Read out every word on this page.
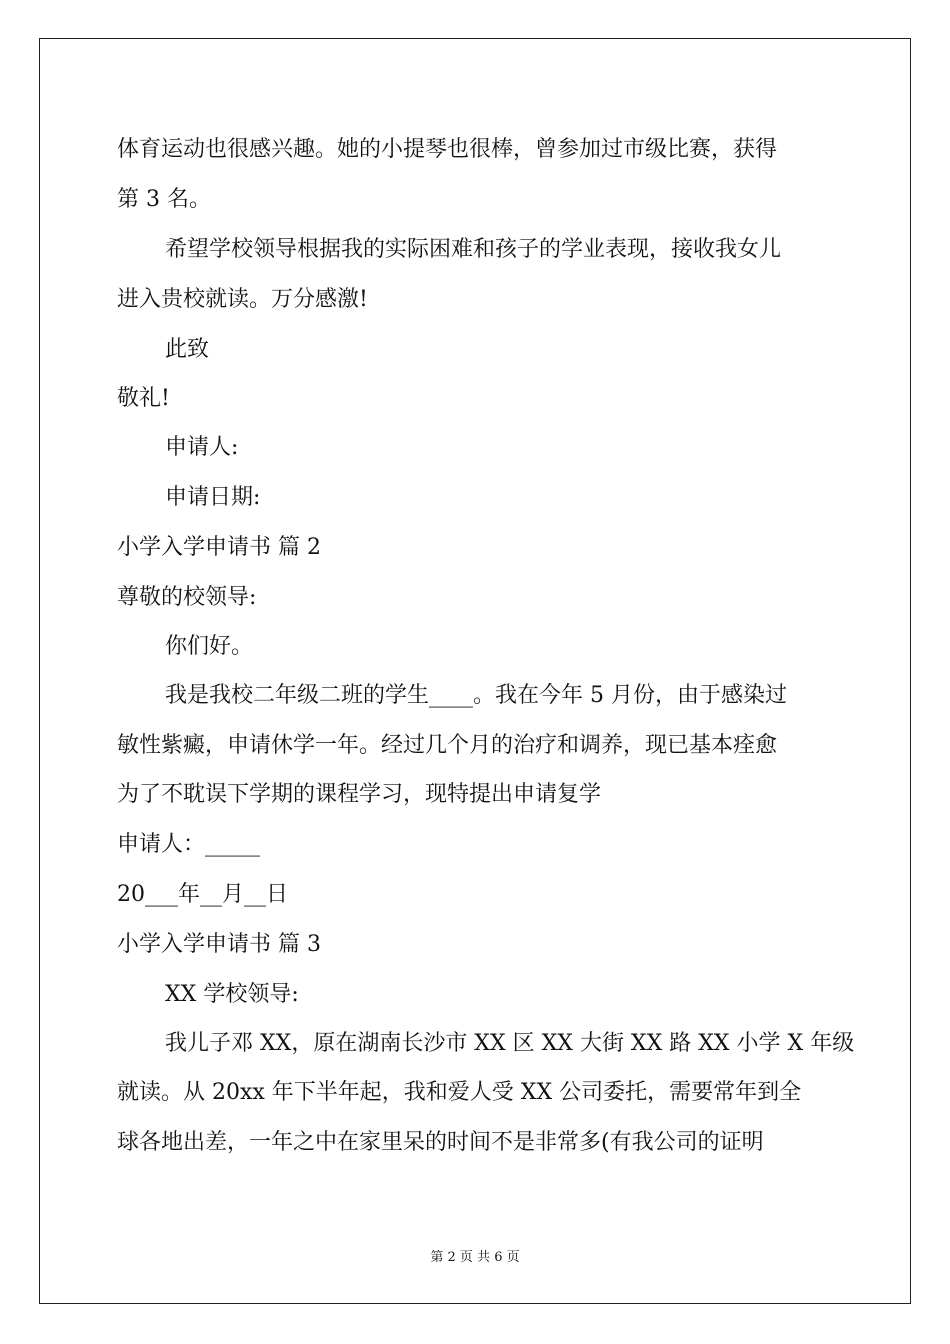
体育运动也很感兴趣。她的小提琴也很棒，曾参加过市级比赛，获得
第 3 名。
希望学校领导根据我的实际困难和孩子的学业表现，接收我女儿
进入贵校就读。万分感激!
此致
敬礼!
申请人:
申请日期:
小学入学申请书 篇 2
尊敬的校领导:
你们好。
我是我校二年级二班的学生____。我在今年 5 月份，由于感染过
敏性紫癜，申请休学一年。经过几个月的治疗和调养，现已基本痊愈
为了不耽误下学期的课程学习，现特提出申请复学
申请人：_____
20___年__月__日
小学入学申请书 篇 3
XX 学校领导:
我儿子邓 XX，原在湖南长沙市 XX 区 XX 大街 XX 路 XX 小学 X 年级
就读。从 20xx 年下半年起，我和爱人受 XX 公司委托，需要常年到全
球各地出差，一年之中在家里呆的时间不是非常多(有我公司的证明
第 2 页 共 6 页
